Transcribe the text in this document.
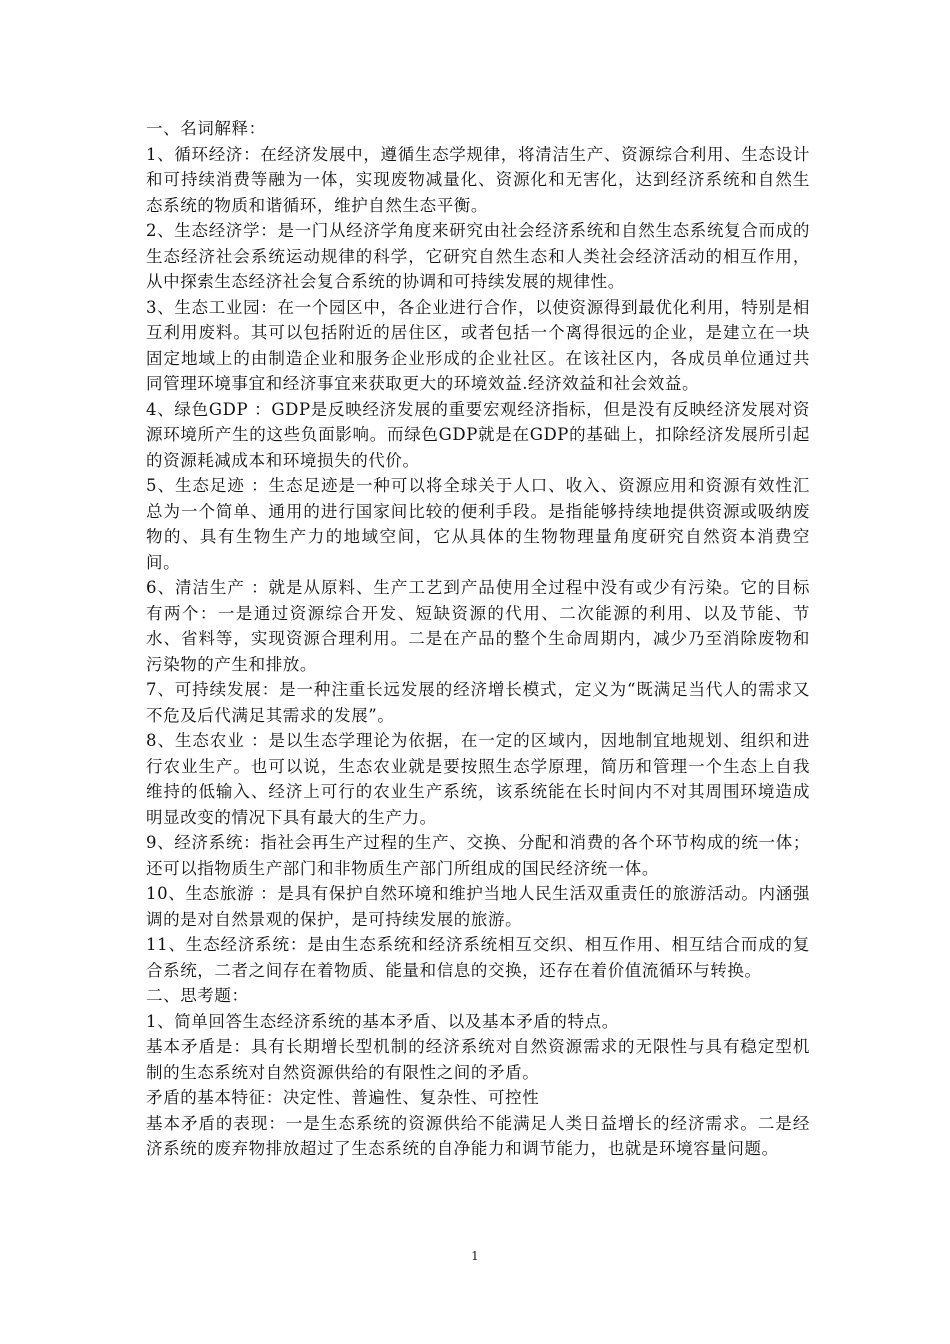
一、名词解释：

1、循环经济：在经济发展中，遵循生态学规律，将清洁生产、资源综合利用、生态设计和可持续消费等融为一体，实现废物减量化、资源化和无害化，达到经济系统和自然生态系统的物质和谐循环，维护自然生态平衡。

2、生态经济学：是一门从经济学角度来研究由社会经济系统和自然生态系统复合而成的生态经济社会系统运动规律的科学，它研究自然生态和人类社会经济活动的相互作用，从中探索生态经济社会复合系统的协调和可持续发展的规律性。

3、生态工业园：在一个园区中，各企业进行合作，以使资源得到最优化利用，特别是相互利用废料。其可以包括附近的居住区，或者包括一个离得很远的企业，是建立在一块固定地域上的由制造企业和服务企业形成的企业社区。在该社区内，各成员单位通过共同管理环境事宜和经济事宜来获取更大的环境效益.经济效益和社会效益。

4、绿色GDP ：GDP是反映经济发展的重要宏观经济指标，但是没有反映经济发展对资源环境所产生的这些负面影响。而绿色GDP就是在GDP的基础上，扣除经济发展所引起的资源耗减成本和环境损失的代价。

5、生态足迹 ：生态足迹是一种可以将全球关于人口、收入、资源应用和资源有效性汇总为一个简单、通用的进行国家间比较的便利手段。是指能够持续地提供资源或吸纳废物的、具有生物生产力的地域空间，它从具体的生物物理量角度研究自然资本消费空间。

6、清洁生产 ：就是从原料、生产工艺到产品使用全过程中没有或少有污染。它的目标有两个：一是通过资源综合开发、短缺资源的代用、二次能源的利用、以及节能、节水、省料等，实现资源合理利用。二是在产品的整个生命周期内，减少乃至消除废物和污染物的产生和排放。

7、可持续发展：是一种注重长远发展的经济增长模式，定义为“既满足当代人的需求又不危及后代满足其需求的发展”。

8、生态农业 ：是以生态学理论为依据，在一定的区域内，因地制宜地规划、组织和进行农业生产。也可以说，生态农业就是要按照生态学原理，简历和管理一个生态上自我维持的低输入、经济上可行的农业生产系统，该系统能在长时间内不对其周围环境造成明显改变的情况下具有最大的生产力。

9、经济系统：指社会再生产过程的生产、交换、分配和消费的各个环节构成的统一体；还可以指物质生产部门和非物质生产部门所组成的国民经济统一体。

10、生态旅游 ：是具有保护自然环境和维护当地人民生活双重责任的旅游活动。内涵强调的是对自然景观的保护，是可持续发展的旅游。

11、生态经济系统：是由生态系统和经济系统相互交织、相互作用、相互结合而成的复合系统，二者之间存在着物质、能量和信息的交换，还存在着价值流循环与转换。

二、思考题：

1、简单回答生态经济系统的基本矛盾、以及基本矛盾的特点。

基本矛盾是：具有长期增长型机制的经济系统对自然资源需求的无限性与具有稳定型机制的生态系统对自然资源供给的有限性之间的矛盾。

矛盾的基本特征：决定性、普遍性、复杂性、可控性

基本矛盾的表现：一是生态系统的资源供给不能满足人类日益增长的经济需求。二是经济系统的废弃物排放超过了生态系统的自净能力和调节能力，也就是环境容量问题。

1
